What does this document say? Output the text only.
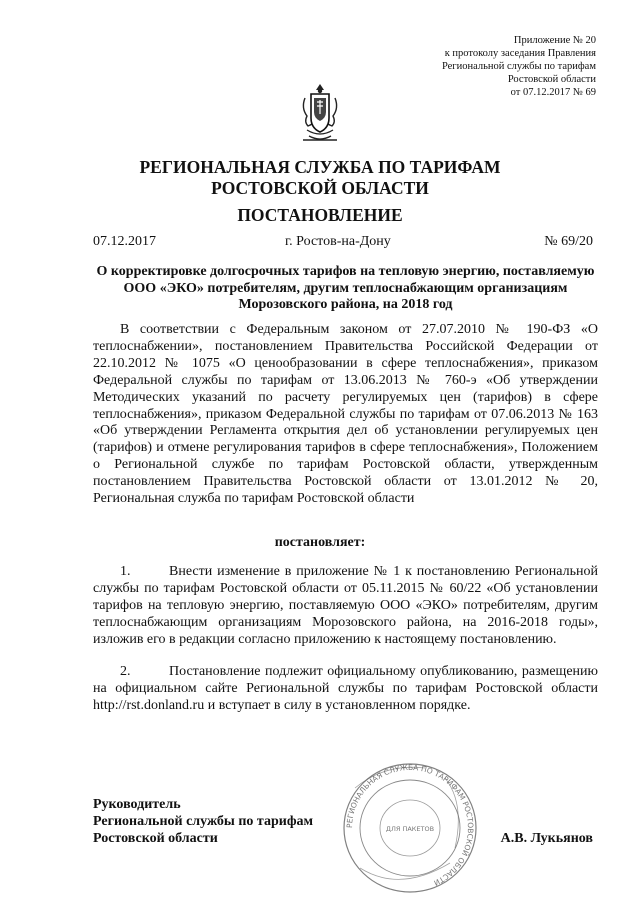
Приложение № 20
к протоколу заседания Правления
Региональной службы по тарифам
Ростовской области
от 07.12.2017 № 69
РЕГИОНАЛЬНАЯ СЛУЖБА ПО ТАРИФАМ
РОСТОВСКОЙ ОБЛАСТИ
ПОСТАНОВЛЕНИЕ
07.12.2017	г. Ростов-на-Дону	№ 69/20
О корректировке долгосрочных тарифов на тепловую энергию, поставляемую ООО «ЭКО» потребителям, другим теплоснабжающим организациям Морозовского района, на 2018 год
В соответствии с Федеральным законом от 27.07.2010 № 190-ФЗ «О теплоснабжении», постановлением Правительства Российской Федерации от 22.10.2012 № 1075 «О ценообразовании в сфере теплоснабжения», приказом Федеральной службы по тарифам от 13.06.2013 № 760-э «Об утверждении Методических указаний по расчету регулируемых цен (тарифов) в сфере теплоснабжения», приказом Федеральной службы по тарифам от 07.06.2013 № 163 «Об утверждении Регламента открытия дел об установлении регулируемых цен (тарифов) и отмене регулирования тарифов в сфере теплоснабжения», Положением о Региональной службе по тарифам Ростовской области, утвержденным постановлением Правительства Ростовской области от 13.01.2012 № 20, Региональная служба по тарифам Ростовской области
постановляет:
1.	Внести изменение в приложение № 1 к постановлению Региональной службы по тарифам Ростовской области от 05.11.2015 № 60/22 «Об установлении тарифов на тепловую энергию, поставляемую ООО «ЭКО» потребителям, другим теплоснабжающим организациям Морозовского района, на 2016-2018 годы», изложив его в редакции согласно приложению к настоящему постановлению.
2.	Постановление подлежит официальному опубликованию, размещению на официальном сайте Региональной службы по тарифам Ростовской области http://rst.donland.ru и вступает в силу в установленном порядке.
РЕГИОНАЛЬНАЯ СЛУЖБА ПО ТАРИФАМ РОСТОВСКОЙ ОБЛАСТИ
ДЛЯ ПАКЕТОВ
Руководитель
Региональной службы по тарифам
Ростовской области	А.В. Лукьянов
